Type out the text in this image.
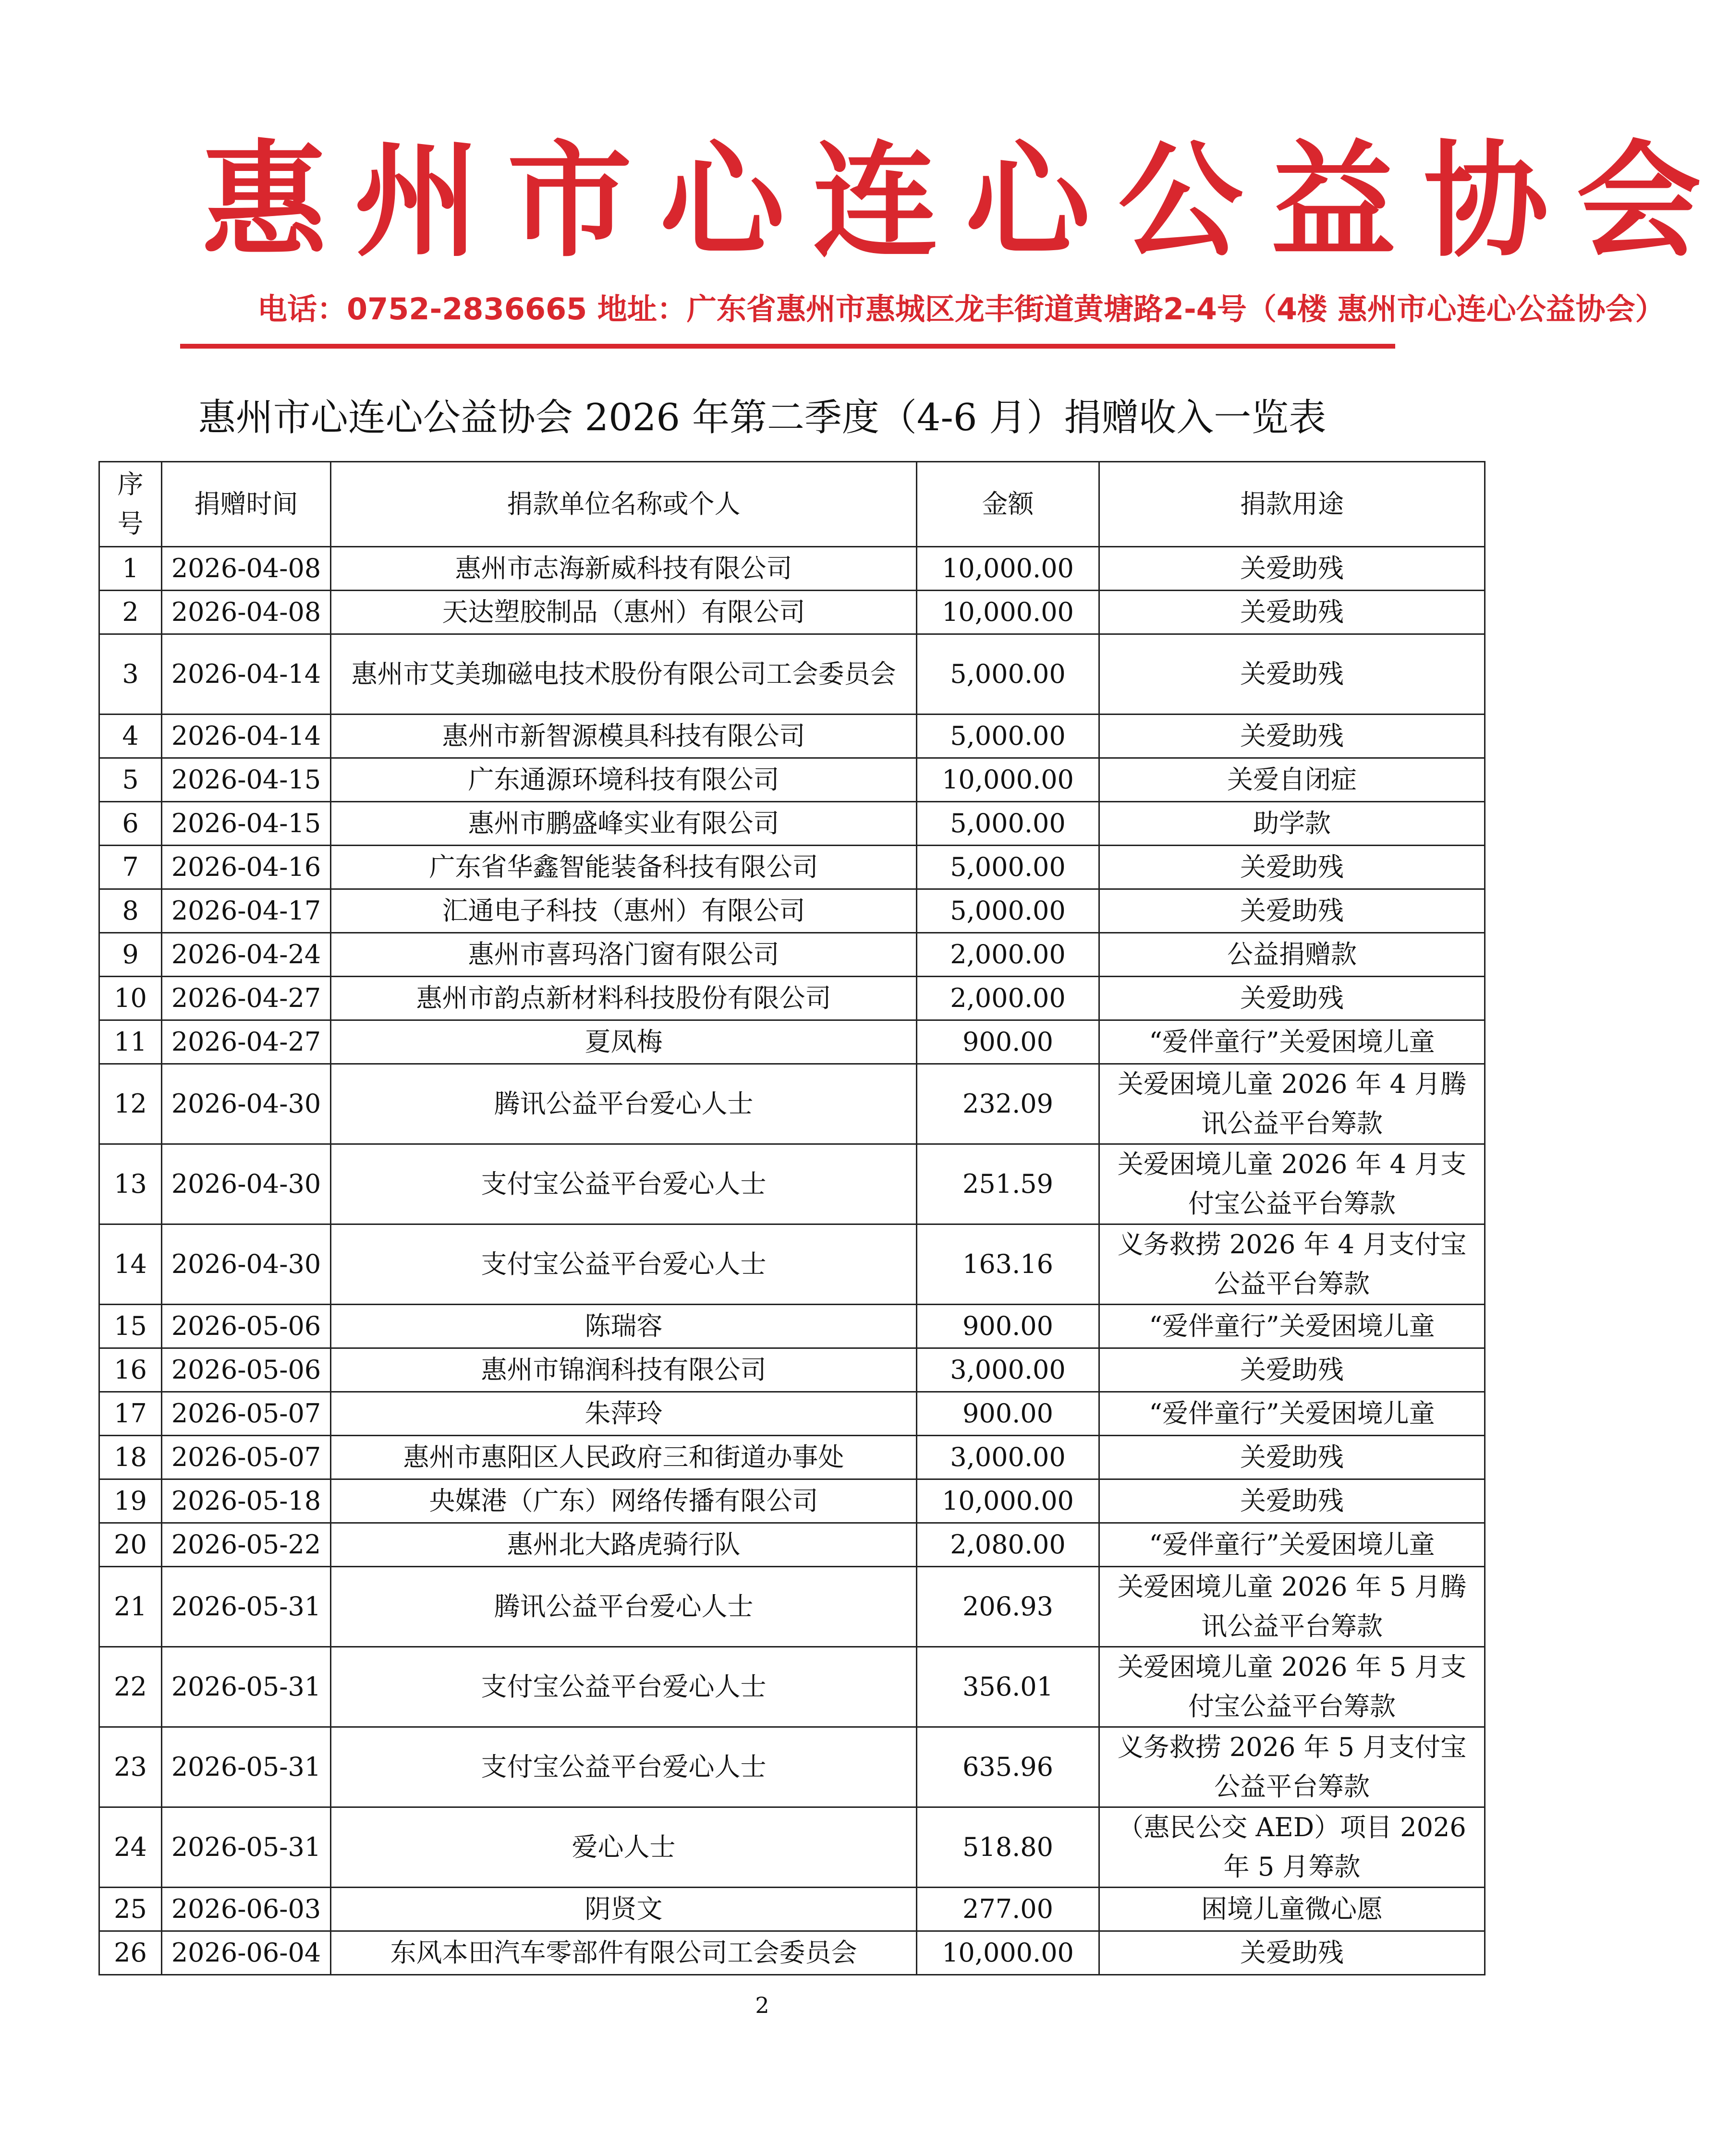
惠州市心连心公益协会
电话：0752-2836665 地址：广东省惠州市惠城区龙丰街道黄塘路2-4号（4楼 惠州市心连心公益协会）
惠州市心连心公益协会 2026 年第二季度（4-6 月）捐赠收入一览表
序号	捐赠时间	捐款单位名称或个人	金额	捐款用途
1	2026-04-08	惠州市志海新威科技有限公司	10,000.00	关爱助残
2	2026-04-08	天达塑胶制品（惠州）有限公司	10,000.00	关爱助残
3	2026-04-14	惠州市艾美珈磁电技术股份有限公司工会委员会	5,000.00	关爱助残
4	2026-04-14	惠州市新智源模具科技有限公司	5,000.00	关爱助残
5	2026-04-15	广东通源环境科技有限公司	10,000.00	关爱自闭症
6	2026-04-15	惠州市鹏盛峰实业有限公司	5,000.00	助学款
7	2026-04-16	广东省华鑫智能装备科技有限公司	5,000.00	关爱助残
8	2026-04-17	汇通电子科技（惠州）有限公司	5,000.00	关爱助残
9	2026-04-24	惠州市喜玛洛门窗有限公司	2,000.00	公益捐赠款
10	2026-04-27	惠州市韵点新材料科技股份有限公司	2,000.00	关爱助残
11	2026-04-27	夏凤梅	900.00	“爱伴童行”关爱困境儿童
12	2026-04-30	腾讯公益平台爱心人士	232.09	关爱困境儿童 2026 年 4 月腾讯公益平台筹款
13	2026-04-30	支付宝公益平台爱心人士	251.59	关爱困境儿童 2026 年 4 月支付宝公益平台筹款
14	2026-04-30	支付宝公益平台爱心人士	163.16	义务救捞 2026 年 4 月支付宝公益平台筹款
15	2026-05-06	陈瑞容	900.00	“爱伴童行”关爱困境儿童
16	2026-05-06	惠州市锦润科技有限公司	3,000.00	关爱助残
17	2026-05-07	朱萍玲	900.00	“爱伴童行”关爱困境儿童
18	2026-05-07	惠州市惠阳区人民政府三和街道办事处	3,000.00	关爱助残
19	2026-05-18	央媒港（广东）网络传播有限公司	10,000.00	关爱助残
20	2026-05-22	惠州北大路虎骑行队	2,080.00	“爱伴童行”关爱困境儿童
21	2026-05-31	腾讯公益平台爱心人士	206.93	关爱困境儿童 2026 年 5 月腾讯公益平台筹款
22	2026-05-31	支付宝公益平台爱心人士	356.01	关爱困境儿童 2026 年 5 月支付宝公益平台筹款
23	2026-05-31	支付宝公益平台爱心人士	635.96	义务救捞 2026 年 5 月支付宝公益平台筹款
24	2026-05-31	爱心人士	518.80	（惠民公交 AED）项目 2026 年 5 月筹款
25	2026-06-03	阴贤文	277.00	困境儿童微心愿
26	2026-06-04	东风本田汽车零部件有限公司工会委员会	10,000.00	关爱助残
2
